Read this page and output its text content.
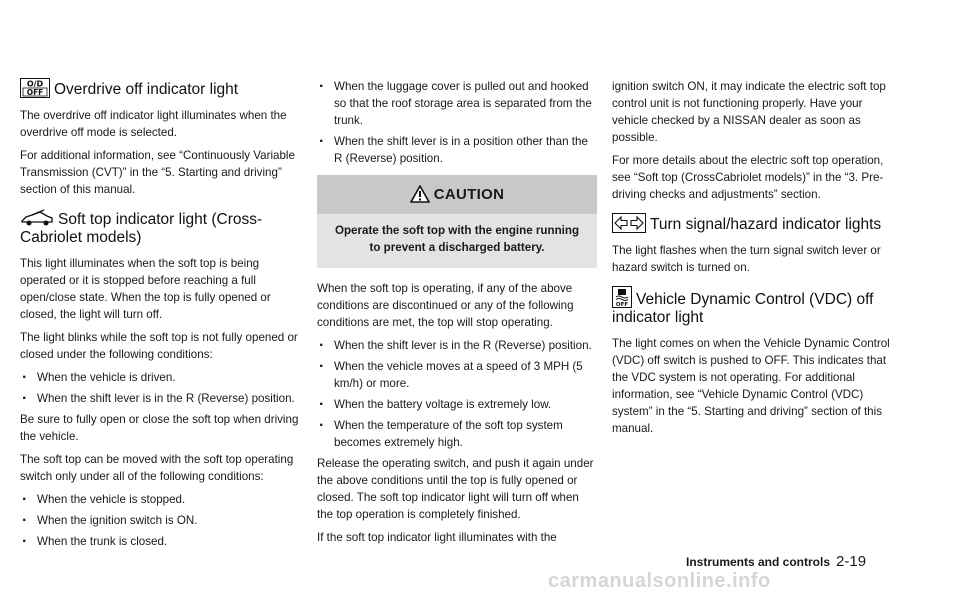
O/D
OFF Overdrive off indicator light

The overdrive off indicator light illuminates when the overdrive off mode is selected.

For additional information, see “Continuously Variable Transmission (CVT)” in the “5. Starting and driving” section of this manual.

Soft top indicator light (Cross-Cabriolet models)

This light illuminates when the soft top is being operated or it is stopped before reaching a full open/close state. When the top is fully opened or closed, the light will turn off.

The light blinks while the soft top is not fully opened or closed under the following conditions:

. When the vehicle is driven.
. When the shift lever is in the R (Reverse) position.

Be sure to fully open or close the soft top when driving the vehicle.

The soft top can be moved with the soft top operating switch only under all of the following conditions:

. When the vehicle is stopped.
. When the ignition switch is ON.
. When the trunk is closed.
. When the luggage cover is pulled out and hooked so that the roof storage area is separated from the trunk.
. When the shift lever is in a position other than the R (Reverse) position.
CAUTION
Operate the soft top with the engine running to prevent a discharged battery.

When the soft top is operating, if any of the above conditions are discontinued or any of the following conditions are met, the top will stop operating.

. When the shift lever is in the R (Reverse) position.
. When the vehicle moves at a speed of 3 MPH (5 km/h) or more.
. When the battery voltage is extremely low.
. When the temperature of the soft top system becomes extremely high.

Release the operating switch, and push it again under the above conditions until the top is fully opened or closed. The soft top indicator light will turn off when the top operation is completely finished.

If the soft top indicator light illuminates with the

ignition switch ON, it may indicate the electric soft top control unit is not functioning properly. Have your vehicle checked by a NISSAN dealer as soon as possible.

For more details about the electric soft top operation, see “Soft top (CrossCabriolet models)” in the “3. Pre-driving checks and adjustments” section.

Turn signal/hazard indicator lights

The light flashes when the turn signal switch lever or hazard switch is turned on.

OFF Vehicle Dynamic Control (VDC) off indicator light

The light comes on when the Vehicle Dynamic Control (VDC) off switch is pushed to OFF. This indicates that the VDC system is not operating. For additional information, see “Vehicle Dynamic Control (VDC) system” in the “5. Starting and driving” section of this manual.

Instruments and controls 2-19
carmanualsonline.info
